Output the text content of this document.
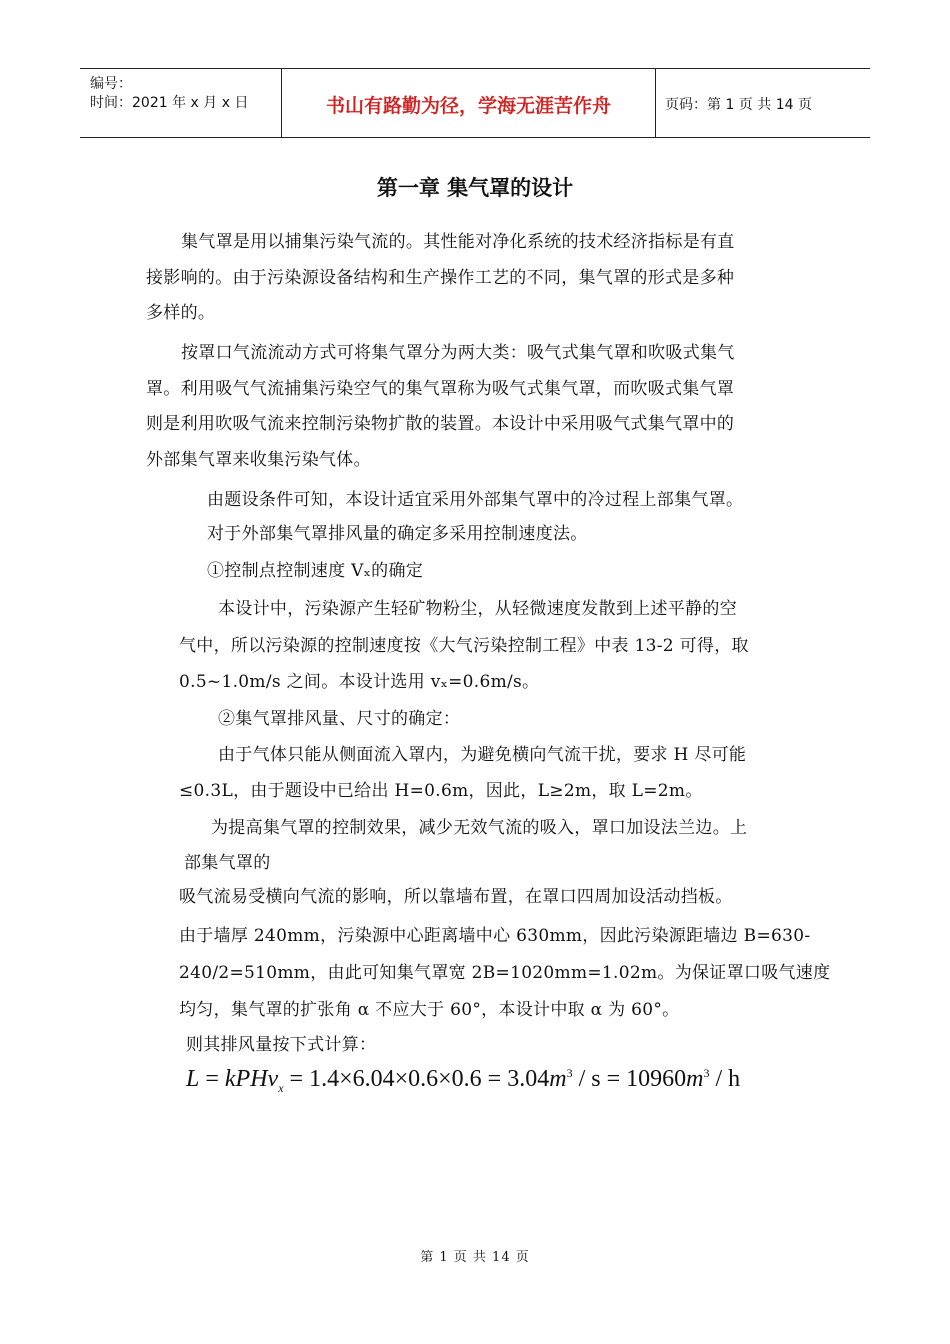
编号：
时间：2021 年 x 月 x 日	书山有路勤为径，学海无涯苦作舟	页码：第 1 页 共 14 页
第一章 集气罩的设计
集气罩是用以捕集污染气流的。其性能对净化系统的技术经济指标是有直
接影响的。由于污染源设备结构和生产操作工艺的不同，集气罩的形式是多种
多样的。
按罩口气流流动方式可将集气罩分为两大类：吸气式集气罩和吹吸式集气
罩。利用吸气气流捕集污染空气的集气罩称为吸气式集气罩，而吹吸式集气罩
则是利用吹吸气流来控制污染物扩散的装置。本设计中采用吸气式集气罩中的
外部集气罩来收集污染气体。
由题设条件可知，本设计适宜采用外部集气罩中的冷过程上部集气罩。
对于外部集气罩排风量的确定多采用控制速度法。
①控制点控制速度 Vₓ的确定
本设计中，污染源产生轻矿物粉尘，从轻微速度发散到上述平静的空
气中，所以污染源的控制速度按《大气污染控制工程》中表 13-2 可得，取
0.5~1.0m/s 之间。本设计选用 vₓ=0.6m/s。
②集气罩排风量、尺寸的确定：
由于气体只能从侧面流入罩内，为避免横向气流干扰，要求 H 尽可能
≤0.3L，由于题设中已给出 H=0.6m，因此，L≥2m，取 L=2m。
为提高集气罩的控制效果，减少无效气流的吸入，罩口加设法兰边。上
部集气罩的
吸气流易受横向气流的影响，所以靠墙布置，在罩口四周加设活动挡板。
由于墙厚 240mm，污染源中心距离墙中心 630mm，因此污染源距墙边 B=630-
240/2=510mm，由此可知集气罩宽 2B=1020mm=1.02m。为保证罩口吸气速度
均匀，集气罩的扩张角 α 不应大于 60°，本设计中取 α 为 60°。
则其排风量按下式计算：
L = kPHv$_x$ = $1.4\times 6.04\times 0.6\times 0.6 = 3.04m^3 / s = 10960m^3 / h$
第 1 页 共 14 页
